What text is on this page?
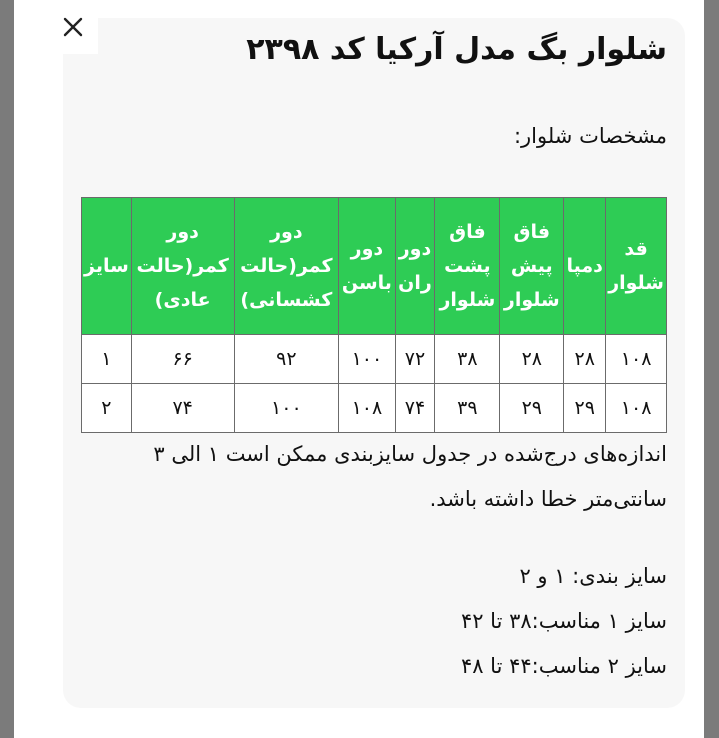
شلوار بگ مدل آرکیا کد ۲۳۹۸

مشخصات شلوار:

قد شلوار	دمپا	فاق پیش شلوار	فاق پشت شلوار	دور ران	دور باسن	دور کمر(حالت کشسانی)	دور کمر(حالت عادی)	سایز
۱۰۸	۲۸	۲۸	۳۸	۷۲	۱۰۰	۹۲	۶۶	۱
۱۰۸	۲۹	۲۹	۳۹	۷۴	۱۰۸	۱۰۰	۷۴	۲

اندازه‌های درج‌شده در جدول سایزبندی ممکن است ۱ الی ۳ سانتی‌متر خطا داشته باشد.

سایز بندی: ۱ و ۲

سایز ۱ مناسب:۳۸ تا ۴۲

سایز ۲ مناسب:۴۴ تا ۴۸
